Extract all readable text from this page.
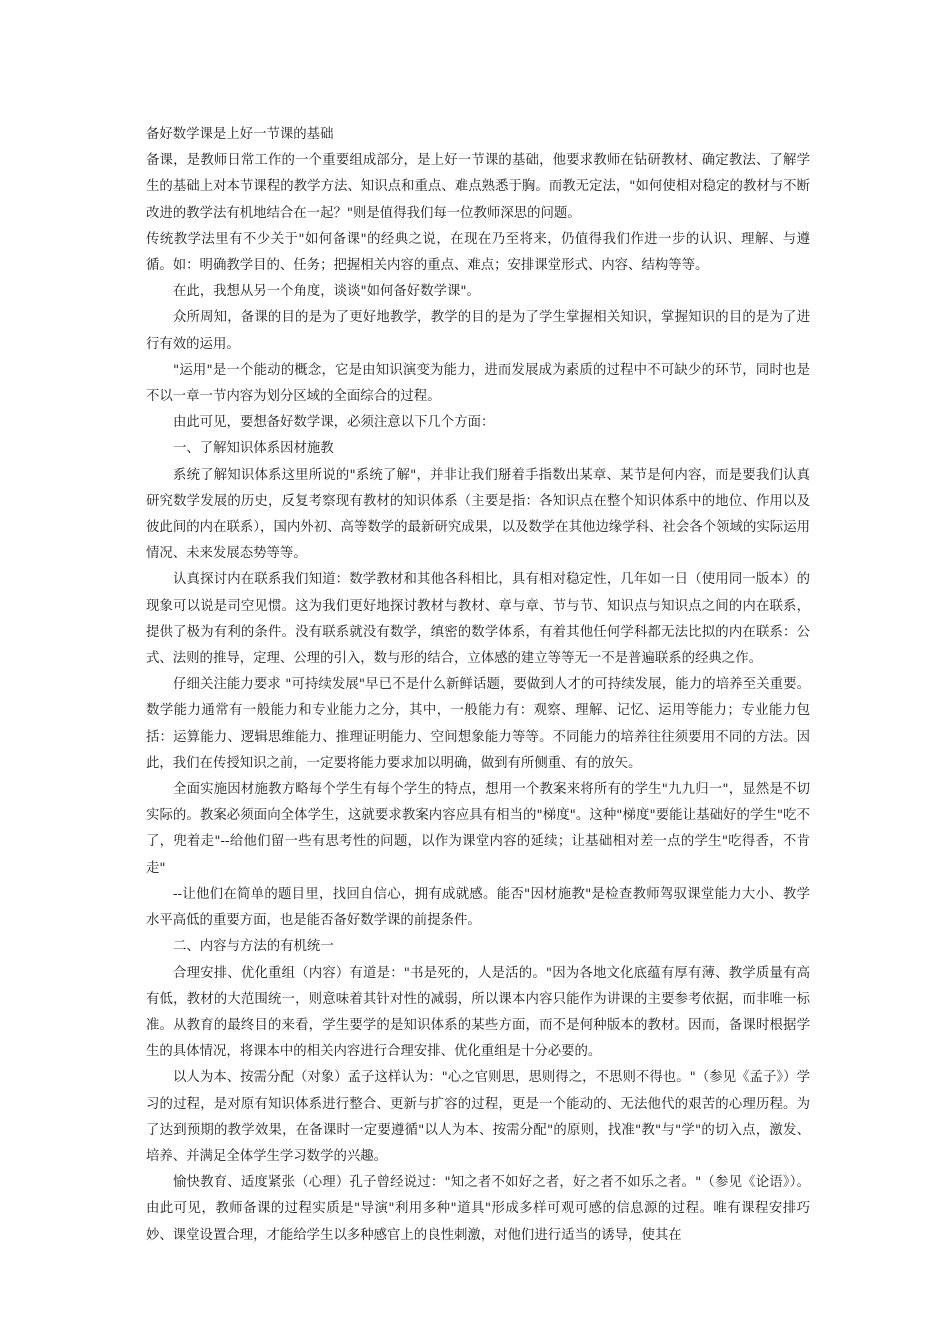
备好数学课是上好一节课的基础

备课，是教师日常工作的一个重要组成部分，是上好一节课的基础，他要求教师在钻研教材、确定教法、了解学生的基础上对本节课程的教学方法、知识点和重点、难点熟悉于胸。而教无定法，"如何使相对稳定的教材与不断改进的教学法有机地结合在一起？"则是值得我们每一位教师深思的问题。

传统教学法里有不少关于"如何备课"的经典之说，在现在乃至将来，仍值得我们作进一步的认识、理解、与遵循。如：明确教学目的、任务；把握相关内容的重点、难点；安排课堂形式、内容、结构等等。

在此，我想从另一个角度，谈谈"如何备好数学课"。

众所周知，备课的目的是为了更好地教学，教学的目的是为了学生掌握相关知识，掌握知识的目的是为了进行有效的运用。

"运用"是一个能动的概念，它是由知识演变为能力，进而发展成为素质的过程中不可缺少的环节，同时也是不以一章一节内容为划分区域的全面综合的过程。

由此可见，要想备好数学课，必须注意以下几个方面：

一、了解知识体系因材施教

系统了解知识体系这里所说的"系统了解"，并非让我们掰着手指数出某章、某节是何内容，而是要我们认真研究数学发展的历史，反复考察现有教材的知识体系（主要是指：各知识点在整个知识体系中的地位、作用以及彼此间的内在联系），国内外初、高等数学的最新研究成果，以及数学在其他边缘学科、社会各个领域的实际运用情况、未来发展态势等等。

认真探讨内在联系我们知道：数学教材和其他各科相比，具有相对稳定性，几年如一日（使用同一版本）的现象可以说是司空见惯。这为我们更好地探讨教材与教材、章与章、节与节、知识点与知识点之间的内在联系，提供了极为有利的条件。没有联系就没有数学，缜密的数学体系，有着其他任何学科都无法比拟的内在联系：公式、法则的推导，定理、公理的引入，数与形的结合，立体感的建立等等无一不是普遍联系的经典之作。

仔细关注能力要求 "可持续发展"早已不是什么新鲜话题，要做到人才的可持续发展，能力的培养至关重要。数学能力通常有一般能力和专业能力之分，其中，一般能力有：观察、理解、记忆、运用等能力；专业能力包括：运算能力、逻辑思维能力、推理证明能力、空间想象能力等等。不同能力的培养往往须要用不同的方法。因此，我们在传授知识之前，一定要将能力要求加以明确，做到有所侧重、有的放矢。

全面实施因材施教方略每个学生有每个学生的特点，想用一个教案来将所有的学生"九九归一"，显然是不切实际的。教案必须面向全体学生，这就要求教案内容应具有相当的"梯度"。这种"梯度"要能让基础好的学生"吃不了，兜着走"--给他们留一些有思考性的问题，以作为课堂内容的延续；让基础相对差一点的学生"吃得香，不肯走"

--让他们在简单的题目里，找回自信心，拥有成就感。能否"因材施教"是检查教师驾驭课堂能力大小、教学水平高低的重要方面，也是能否备好数学课的前提条件。

二、内容与方法的有机统一

合理安排、优化重组（内容）有道是："书是死的，人是活的。"因为各地文化底蕴有厚有薄、教学质量有高有低，教材的大范围统一，则意味着其针对性的减弱，所以课本内容只能作为讲课的主要参考依据，而非唯一标准。从教育的最终目的来看，学生要学的是知识体系的某些方面，而不是何种版本的教材。因而，备课时根据学生的具体情况，将课本中的相关内容进行合理安排、优化重组是十分必要的。

以人为本、按需分配（对象）孟子这样认为："心之官则思，思则得之，不思则不得也。"（参见《孟子》）学习的过程，是对原有知识体系进行整合、更新与扩容的过程，更是一个能动的、无法他代的艰苦的心理历程。为了达到预期的教学效果，在备课时一定要遵循"以人为本、按需分配"的原则，找准"教"与"学"的切入点，激发、培养、并满足全体学生学习数学的兴趣。

愉快教育、适度紧张（心理）孔子曾经说过："知之者不如好之者，好之者不如乐之者。"（参见《论语》）。由此可见，教师备课的过程实质是"导演"利用多种"道具"形成多样可观可感的信息源的过程。唯有课程安排巧妙、课堂设置合理，才能给学生以多种感官上的良性刺激，对他们进行适当的诱导，使其在
